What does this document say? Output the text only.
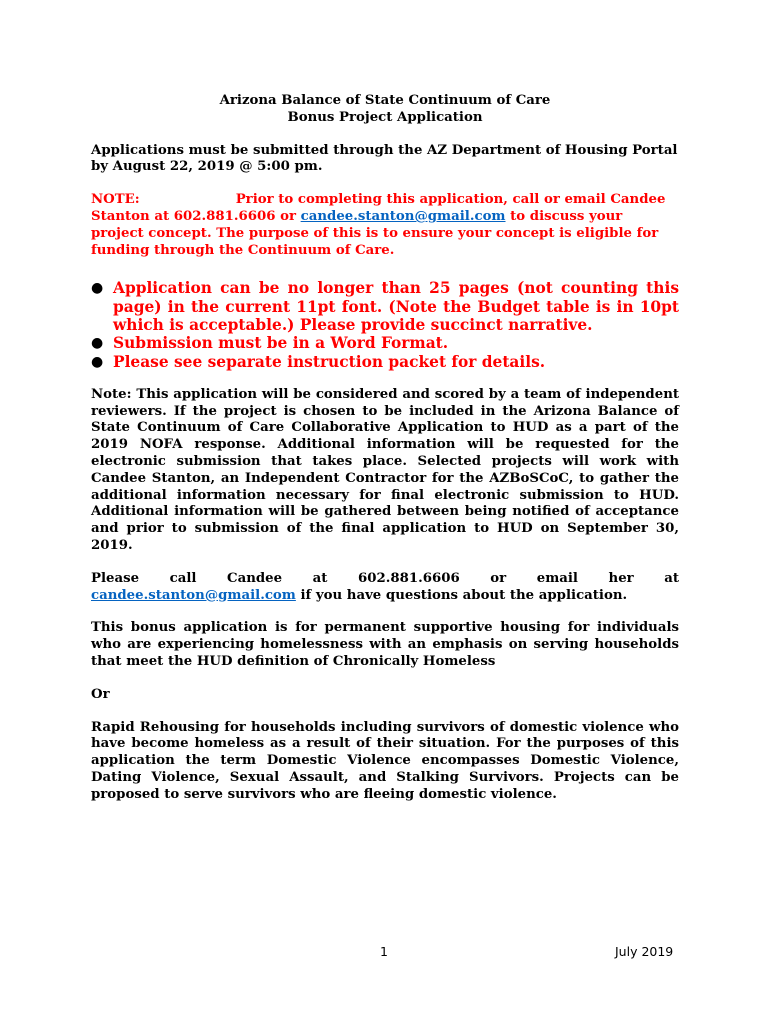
Arizona Balance of State Continuum of Care

Bonus Project Application

Applications must be submitted through the AZ Department of Housing Portal by August 22, 2019 @ 5:00 pm.

NOTE:	Prior to completing this application, call or email Candee Stanton at 602.881.6606 or candee.stanton@gmail.com to discuss your project concept. The purpose of this is to ensure your concept is eligible for funding through the Continuum of Care.

● Application can be no longer than 25 pages (not counting this page) in the current 11pt font. (Note the Budget table is in 10pt which is acceptable.) Please provide succinct narrative.
● Submission must be in a Word Format.
● Please see separate instruction packet for details.

Note: This application will be considered and scored by a team of independent reviewers. If the project is chosen to be included in the Arizona Balance of State Continuum of Care Collaborative Application to HUD as a part of the 2019 NOFA response. Additional information will be requested for the electronic submission that takes place. Selected projects will work with Candee Stanton, an Independent Contractor for the AZBoSCoC, to gather the additional information necessary for final electronic submission to HUD. Additional information will be gathered between being notified of acceptance and prior to submission of the final application to HUD on September 30, 2019.

Please call Candee at 602.881.6606 or email her at

candee.stanton@gmail.com if you have questions about the application.

This bonus application is for permanent supportive housing for individuals who are experiencing homelessness with an emphasis on serving households that meet the HUD definition of Chronically Homeless

Or

Rapid Rehousing for households including survivors of domestic violence who have become homeless as a result of their situation. For the purposes of this application the term Domestic Violence encompasses Domestic Violence, Dating Violence, Sexual Assault, and Stalking Survivors. Projects can be proposed to serve survivors who are fleeing domestic violence.

1	July 2019
